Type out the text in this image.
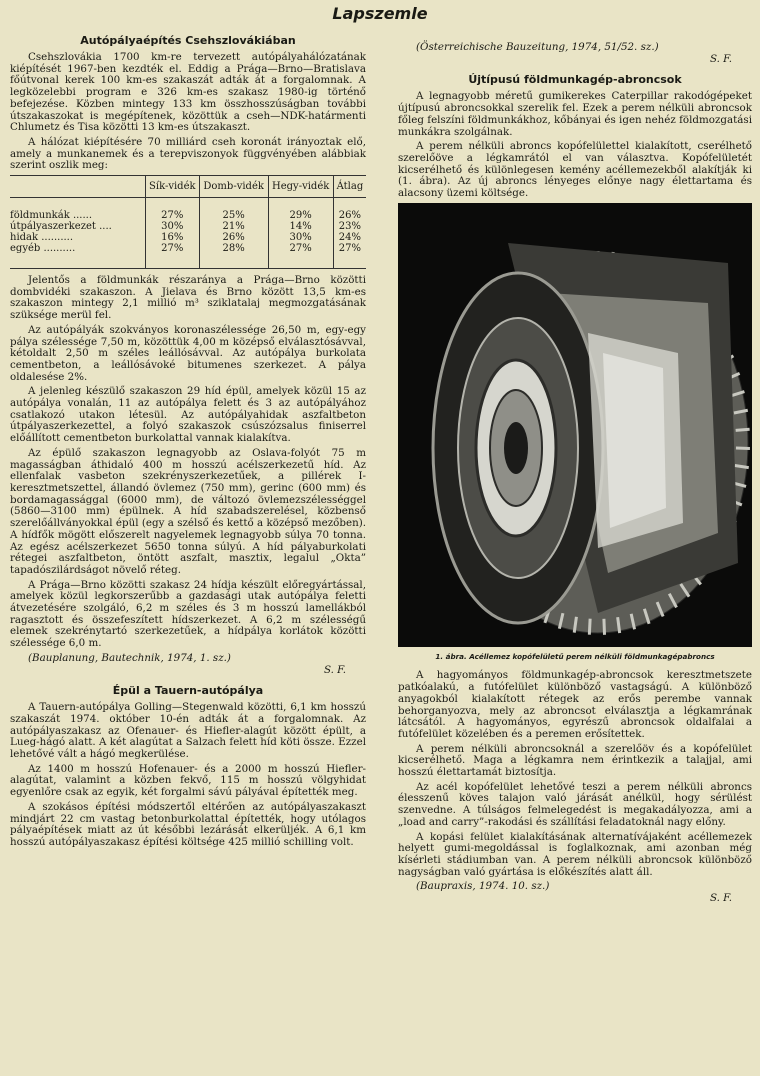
Lapszemle
Autópályaépítés Csehszlovákiában

Csehszlovákia 1700 km-re tervezett autópályahálózatának kiépítését 1967-ben kezdték el. Eddig a Prága—Brno—Bratislava főútvonal kerek 100 km-es szakaszát adták át a forgalomnak. A legközelebbi program e 326 km-es szakasz 1980-ig történő befejezése. Közben mintegy 133 km összhosszúságban további útszakaszokat is megépítenek, közöttük a cseh—NDK-határmenti Chlumetz és Tisa közötti 13 km-es útszakaszt.

A hálózat kiépítésére 70 milliárd cseh koronát irányoztak elő, amely a munkanemek és a terepviszonyok függvényében alábbiak szerint oszlik meg:

	Sík-vidék	Domb-vidék	Hegy-vidék	Átlag
földmunkák ......	27%	25%	29%	26%
útpályaszerkezet ....	30%	21%	14%	23%
hidak ..........	16%	26%	30%	24%
egyéb ..........	27%	28%	27%	27%

Jelentős a földmunkák részaránya a Prága—Brno közötti dombvidéki szakaszon. A Jielava és Brno között 13,5 km-es szakaszon mintegy 2,1 millió m³ sziklatalaj megmozgatásának szüksége merül fel.

Az autópályák szokványos koronaszélessége 26,50 m, egy-egy pálya szélessége 7,50 m, közöttük 4,00 m középső elválasztósávval, kétoldalt 2,50 m széles leállósávval. Az autópálya burkolata cementbeton, a leállósávoké bitumenes szerkezet. A pálya oldalesése 2%.

A jelenleg készülő szakaszon 29 híd épül, amelyek közül 15 az autópálya vonalán, 11 az autópálya felett és 3 az autópályához csatlakozó utakon létesül. Az autópályahidak aszfaltbeton útpályaszerkezettel, a folyó szakaszok csúszózsalus finiserrel előállított cementbeton burkolattal vannak kialakítva.

Az épülő szakaszon legnagyobb az Oslava-folyót 75 m magasságban áthidaló 400 m hosszú acélszerkezetű híd. Az ellenfalak vasbeton szekrényszerkezetűek, a pillérek I-keresztmetszettel, állandó övlemez (750 mm), gerinc (600 mm) és bordamagassággal (6000 mm), de változó övlemezszélességgel (5860—3100 mm) épülnek. A híd szabadszerelésel, közbenső szerelőállványokkal épül (egy a szélső és kettő a középső mezőben). A hídfők mögött előszerelt nagyelemek legnagyobb súlya 70 tonna. Az egész acélszerkezet 5650 tonna súlyú. A híd pályaburkolati rétegei aszfaltbeton, öntött aszfalt, masztix, legalul „Okta” tapadószilárdságot növelő réteg.

A Prága—Brno közötti szakasz 24 hídja készült előregyártással, amelyek közül legkorszerűbb a gazdasági utak autópálya feletti átvezetésére szolgáló, 6,2 m széles és 3 m hosszú lamellákból ragasztott és összefeszített hídszerkezet. A 6,2 m szélességű elemek szekrénytartó szerkezetűek, a hídpálya korlátok közötti szélessége 6,0 m.

(Bauplanung, Bautechnik, 1974, 1. sz.)

S. F.

Épül a Tauern-autópálya

A Tauern-autópálya Golling—Stegenwald közötti, 6,1 km hosszú szakaszát 1974. október 10-én adták át a forgalomnak. Az autópályaszakasz az Ofenauer- és Hiefler-alagút között épült, a Lueg-hágó alatt. A két alagútat a Salzach felett híd köti össze. Ezzel lehetővé vált a hágó megkerülése.

Az 1400 m hosszú Hofenauer- és a 2000 m hosszú Hiefler-alagútat, valamint a közben fekvő, 115 m hosszú völgyhidat egyenlőre csak az egyik, két forgalmi sávú pályával építették meg.

A szokásos építési módszertől eltérően az autópályaszakaszt mindjárt 22 cm vastag betonburkolattal építették, hogy utólagos pályaépítések miatt az út későbbi lezárását elkerüljék. A 6,1 km hosszú autópályaszakasz építési költsége 425 millió schilling volt.

(Österreichische Bauzeitung, 1974, 51/52. sz.)

S. F.

Újtípusú földmunkagép-abroncsok

A legnagyobb méretű gumikerekes Caterpillar rakodógépeket újtípusú abroncsokkal szerelik fel. Ezek a perem nélküli abroncsok főleg felszíni földmunkákhoz, kőbányai és igen nehéz földmozgatási munkákra szolgálnak.

A perem nélküli abroncs kopófelülettel kialakított, cserélhető szerelőöve a légkamrától el van választva. Kopófelületét kicserélhető és különlegesen kemény acéllemezekből alakítják ki (1. ábra). Az új abroncs lényeges előnye nagy élettartama és alacsony üzemi költsége.

1. ábra. Acéllemez kopófelületű perem nélküli földmunkagépabroncs

A hagyományos földmunkagép-abroncsok keresztmetszete patkóalakú, a futófelület különböző vastagságú. A különböző anyagokból kialakított rétegek az erős perembe vannak behorganyozva, mely az abroncsot elválasztja a légkamrának látcsától. A hagyományos, egyrészű abroncsok oldalfalai a futófelület közelében és a peremen erősítettek.

A perem nélküli abroncsoknál a szerelőöv és a kopófelület kicserélhető. Maga a légkamra nem érintkezik a talajjal, ami hosszú élettartamát biztosítja.

Az acél kopófelület lehetővé teszi a perem nélküli abroncs élesszenű köves talajon való járását anélkül, hogy sérülést szenvedne. A túlságos felmelegedést is megakadályozza, ami a „load and carry”-rakodási és szállítási feladatoknál nagy előny.

A kopási felület kialakításának alternatívájaként acéllemezek helyett gumi-megoldással is foglalkoznak, ami azonban még kísérleti stádiumban van. A perem nélküli abroncsok különböző nagyságban való gyártása is előkészítés alatt áll.

(Baupraxis, 1974. 10. sz.)

S. F.
